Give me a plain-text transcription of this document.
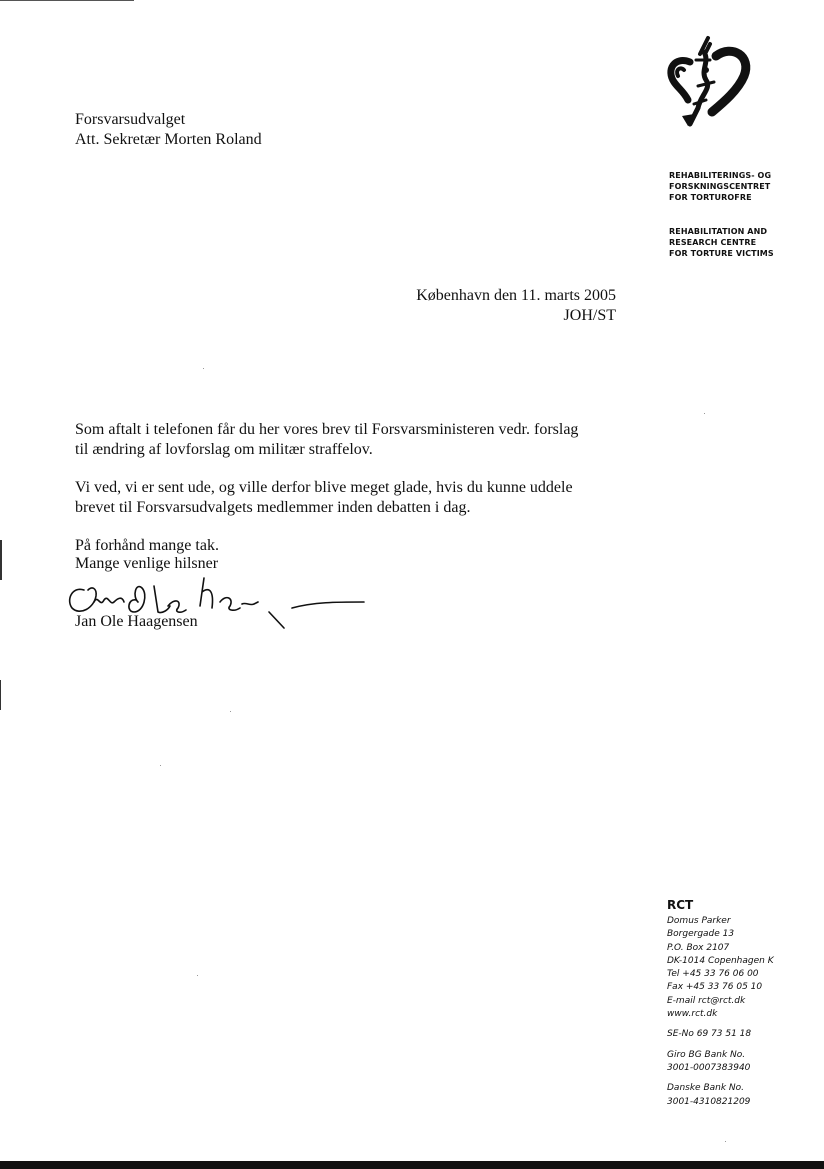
Forsvarsudvalget
Att. Sekretær Morten Roland
REHABILITERINGS- OG
FORSKNINGSCENTRET
FOR TORTUROFRE
REHABILITATION AND
RESEARCH CENTRE
FOR TORTURE VICTIMS
København den 11. marts 2005
JOH/ST
Som aftalt i telefonen får du her vores brev til Forsvarsministeren vedr. forslag
til ændring af lovforslag om militær straffelov.
Vi ved, vi er sent ude, og ville derfor blive meget glade, hvis du kunne uddele
brevet til Forsvarsudvalgets medlemmer inden debatten i dag.
På forhånd mange tak.
Mange venlige hilsner
Jan Ole Haagensen
RCT
Domus Parker
Borgergade 13
P.O. Box 2107
DK-1014 Copenhagen K
Tel +45 33 76 06 00
Fax +45 33 76 05 10
E-mail rct@rct.dk
www.rct.dk
SE-No 69 73 51 18
Giro BG Bank No.
3001-0007383940
Danske Bank No.
3001-4310821209
